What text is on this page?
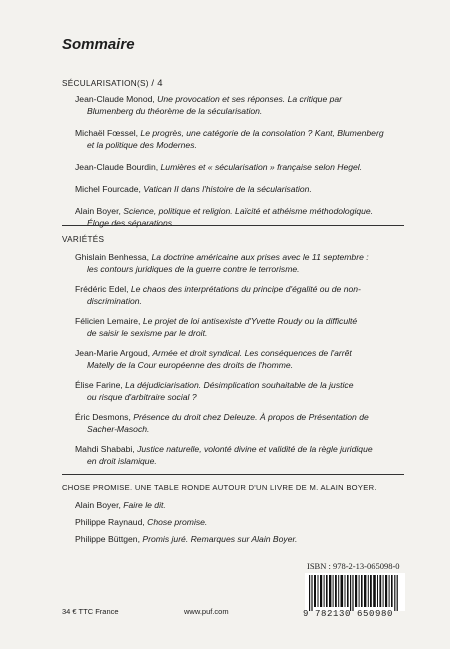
Sommaire
SÉCULARISATION(S) / 4
Jean-Claude Monod, Une provocation et ses réponses. La critique par
Blumenberg du théorème de la sécularisation.
Michaël Fœssel, Le progrès, une catégorie de la consolation ? Kant, Blumenberg
et la politique des Modernes.
Jean-Claude Bourdin, Lumières et « sécularisation » française selon Hegel.
Michel Fourcade, Vatican II dans l'histoire de la sécularisation.
Alain Boyer, Science, politique et religion. Laïcité et athéisme méthodologique.
Éloge des séparations.
VARIÉTÉS
Ghislain Benhessa, La doctrine américaine aux prises avec le 11 septembre :
les contours juridiques de la guerre contre le terrorisme.
Frédéric Edel, Le chaos des interprétations du principe d'égalité ou de non-
discrimination.
Félicien Lemaire, Le projet de loi antisexiste d'Yvette Roudy ou la difficulté
de saisir le sexisme par le droit.
Jean-Marie Argoud, Armée et droit syndical. Les conséquences de l'arrêt
Matelly de la Cour européenne des droits de l'homme.
Élise Farine, La déjudiciarisation. Désimplication souhaitable de la justice
ou risque d'arbitraire social ?
Éric Desmons, Présence du droit chez Deleuze. À propos de Présentation de
Sacher-Masoch.
Mahdi Shababi, Justice naturelle, volonté divine et validité de la règle juridique
en droit islamique.
CHOSE PROMISE. UNE TABLE RONDE AUTOUR D'UN LIVRE DE M. ALAIN BOYER.
Alain Boyer, Faire le dit.
Philippe Raynaud, Chose promise.
Philippe Büttgen, Promis juré. Remarques sur Alain Boyer.
ISBN : 978-2-13-065098-0
9 782130 650980
34 € TTC France	www.puf.com
